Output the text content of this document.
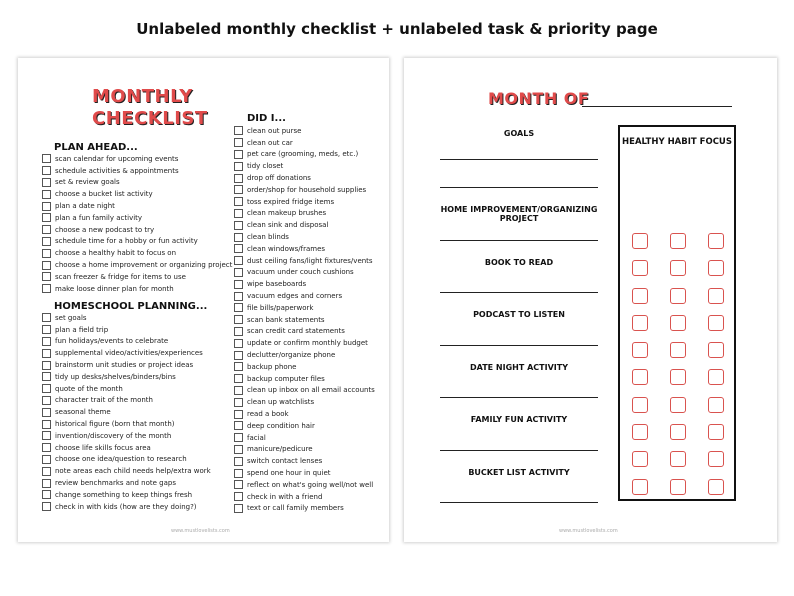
Unlabeled monthly checklist + unlabeled task & priority page
MONTHLY
CHECKLIST
PLAN AHEAD...
scan calendar for upcoming events
schedule activities & appointments
set & review goals
choose a bucket list activity
plan a date night
plan a fun family activity
choose a new podcast to try
schedule time for a hobby or fun activity
choose a healthy habit to focus on
choose a home improvement or organizing project
scan freezer & fridge for items to use
make loose dinner plan for month
HOMESCHOOL PLANNING...
set goals
plan a field trip
fun holidays/events to celebrate
supplemental video/activities/experiences
brainstorm unit studies or project ideas
tidy up desks/shelves/binders/bins
quote of the month
character trait of the month
seasonal theme
historical figure (born that month)
invention/discovery of the month
choose life skills focus area
choose one idea/question to research
note areas each child needs help/extra work
review benchmarks and note gaps
change something to keep things fresh
check in with kids (how are they doing?)
DID I...
clean out purse
clean out car
pet care (grooming, meds, etc.)
tidy closet
drop off donations
order/shop for household supplies
toss expired fridge items
clean makeup brushes
clean sink and disposal
clean blinds
clean windows/frames
dust ceiling fans/light fixtures/vents
vacuum under couch cushions
wipe baseboards
vacuum edges and corners
file bills/paperwork
scan bank statements
scan credit card statements
update or confirm monthly budget
declutter/organize phone
backup phone
backup computer files
clean up inbox on all email accounts
clean up watchlists
read a book
deep condition hair
facial
manicure/pedicure
switch contact lenses
spend one hour in quiet
reflect on what's going well/not well
check in with a friend
text or call family members
www.mustlovelists.com
MONTH OF
GOALS
HOME IMPROVEMENT/ORGANIZING PROJECT
BOOK TO READ
PODCAST TO LISTEN
DATE NIGHT ACTIVITY
FAMILY FUN ACTIVITY
BUCKET LIST ACTIVITY
HEALTHY HABIT FOCUS
www.mustlovelists.com
